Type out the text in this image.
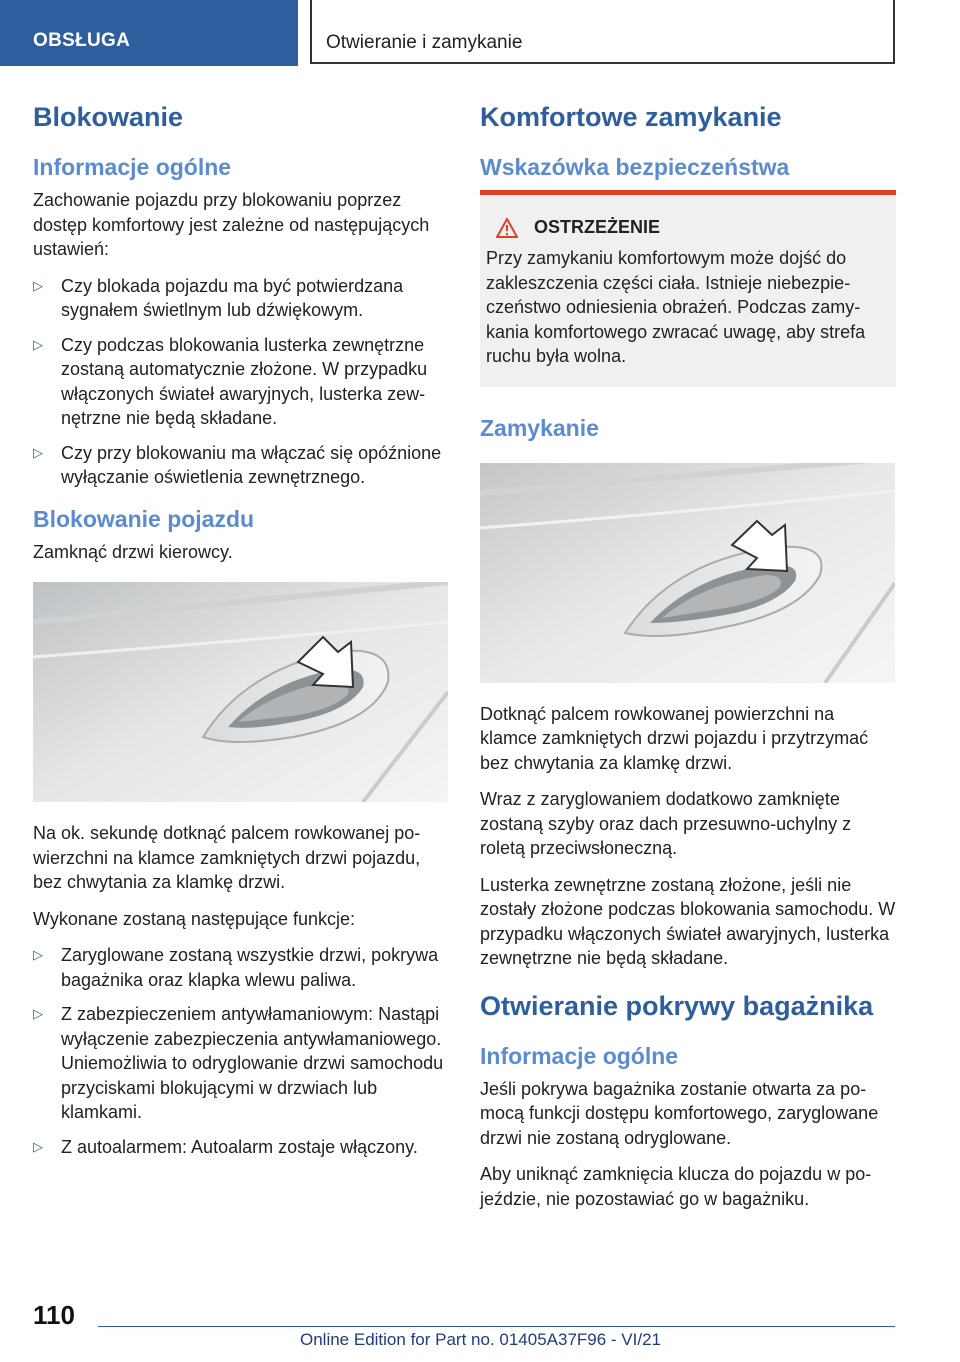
OBSŁUGA	Otwieranie i zamykanie
Blokowanie
Informacje ogólne

Zachowanie pojazdu przy blokowaniu poprzez dostęp komfortowy jest zależne od następujących ustawień:

▷ Czy blokada pojazdu ma być potwierdzana sygnałem świetlnym lub dźwiękowym.
▷ Czy podczas blokowania lusterka zewnętrzne zostaną automatycznie złożone. W przypadku włączonych świateł awaryjnych, lusterka zewnętrzne nie będą składane.
▷ Czy przy blokowaniu ma włączać się opóźnione wyłączanie oświetlenia zewnętrznego.
Blokowanie pojazdu

Zamknąć drzwi kierowcy.

Na ok. sekundę dotknąć palcem rowkowanej powierzchni na klamce zamkniętych drzwi pojazdu, bez chwytania za klamkę drzwi.

Wykonane zostaną następujące funkcje:

▷ Zaryglowane zostaną wszystkie drzwi, pokrywa bagażnika oraz klapka wlewu paliwa.
▷ Z zabezpieczeniem antywłamaniowym: Nastąpi wyłączenie zabezpieczenia antywłamaniowego. Uniemożliwia to odryglowanie drzwi samochodu przyciskami blokującymi w drzwiach lub klamkami.
▷ Z autoalarmem: Autoalarm zostaje włączony.
Komfortowe zamykanie
Wskazówka bezpieczeństwa
OSTRZEŻENIE

Przy zamykaniu komfortowym może dojść do zakleszczenia części ciała. Istnieje niebezpieczeństwo odniesienia obrażeń. Podczas zamykania komfortowego zwracać uwagę, aby strefa ruchu była wolna.

Zamykanie

Dotknąć palcem rowkowanej powierzchni na klamce zamkniętych drzwi pojazdu i przytrzymać bez chwytania za klamkę drzwi.

Wraz z zaryglowaniem dodatkowo zamknięte zostaną szyby oraz dach przesuwno-uchylny z roletą przeciwsłoneczną.

Lusterka zewnętrzne zostaną złożone, jeśli nie zostały złożone podczas blokowania samochodu. W przypadku włączonych świateł awaryjnych, lusterka zewnętrzne nie będą składane.

Otwieranie pokrywy bagażnika
Informacje ogólne

Jeśli pokrywa bagażnika zostanie otwarta za pomocą funkcji dostępu komfortowego, zaryglowane drzwi nie zostaną odryglowane.

Aby uniknąć zamknięcia klucza do pojazdu w pojeździe, nie pozostawiać go w bagażniku.

110
Online Edition for Part no. 01405A37F96 - VI/21
